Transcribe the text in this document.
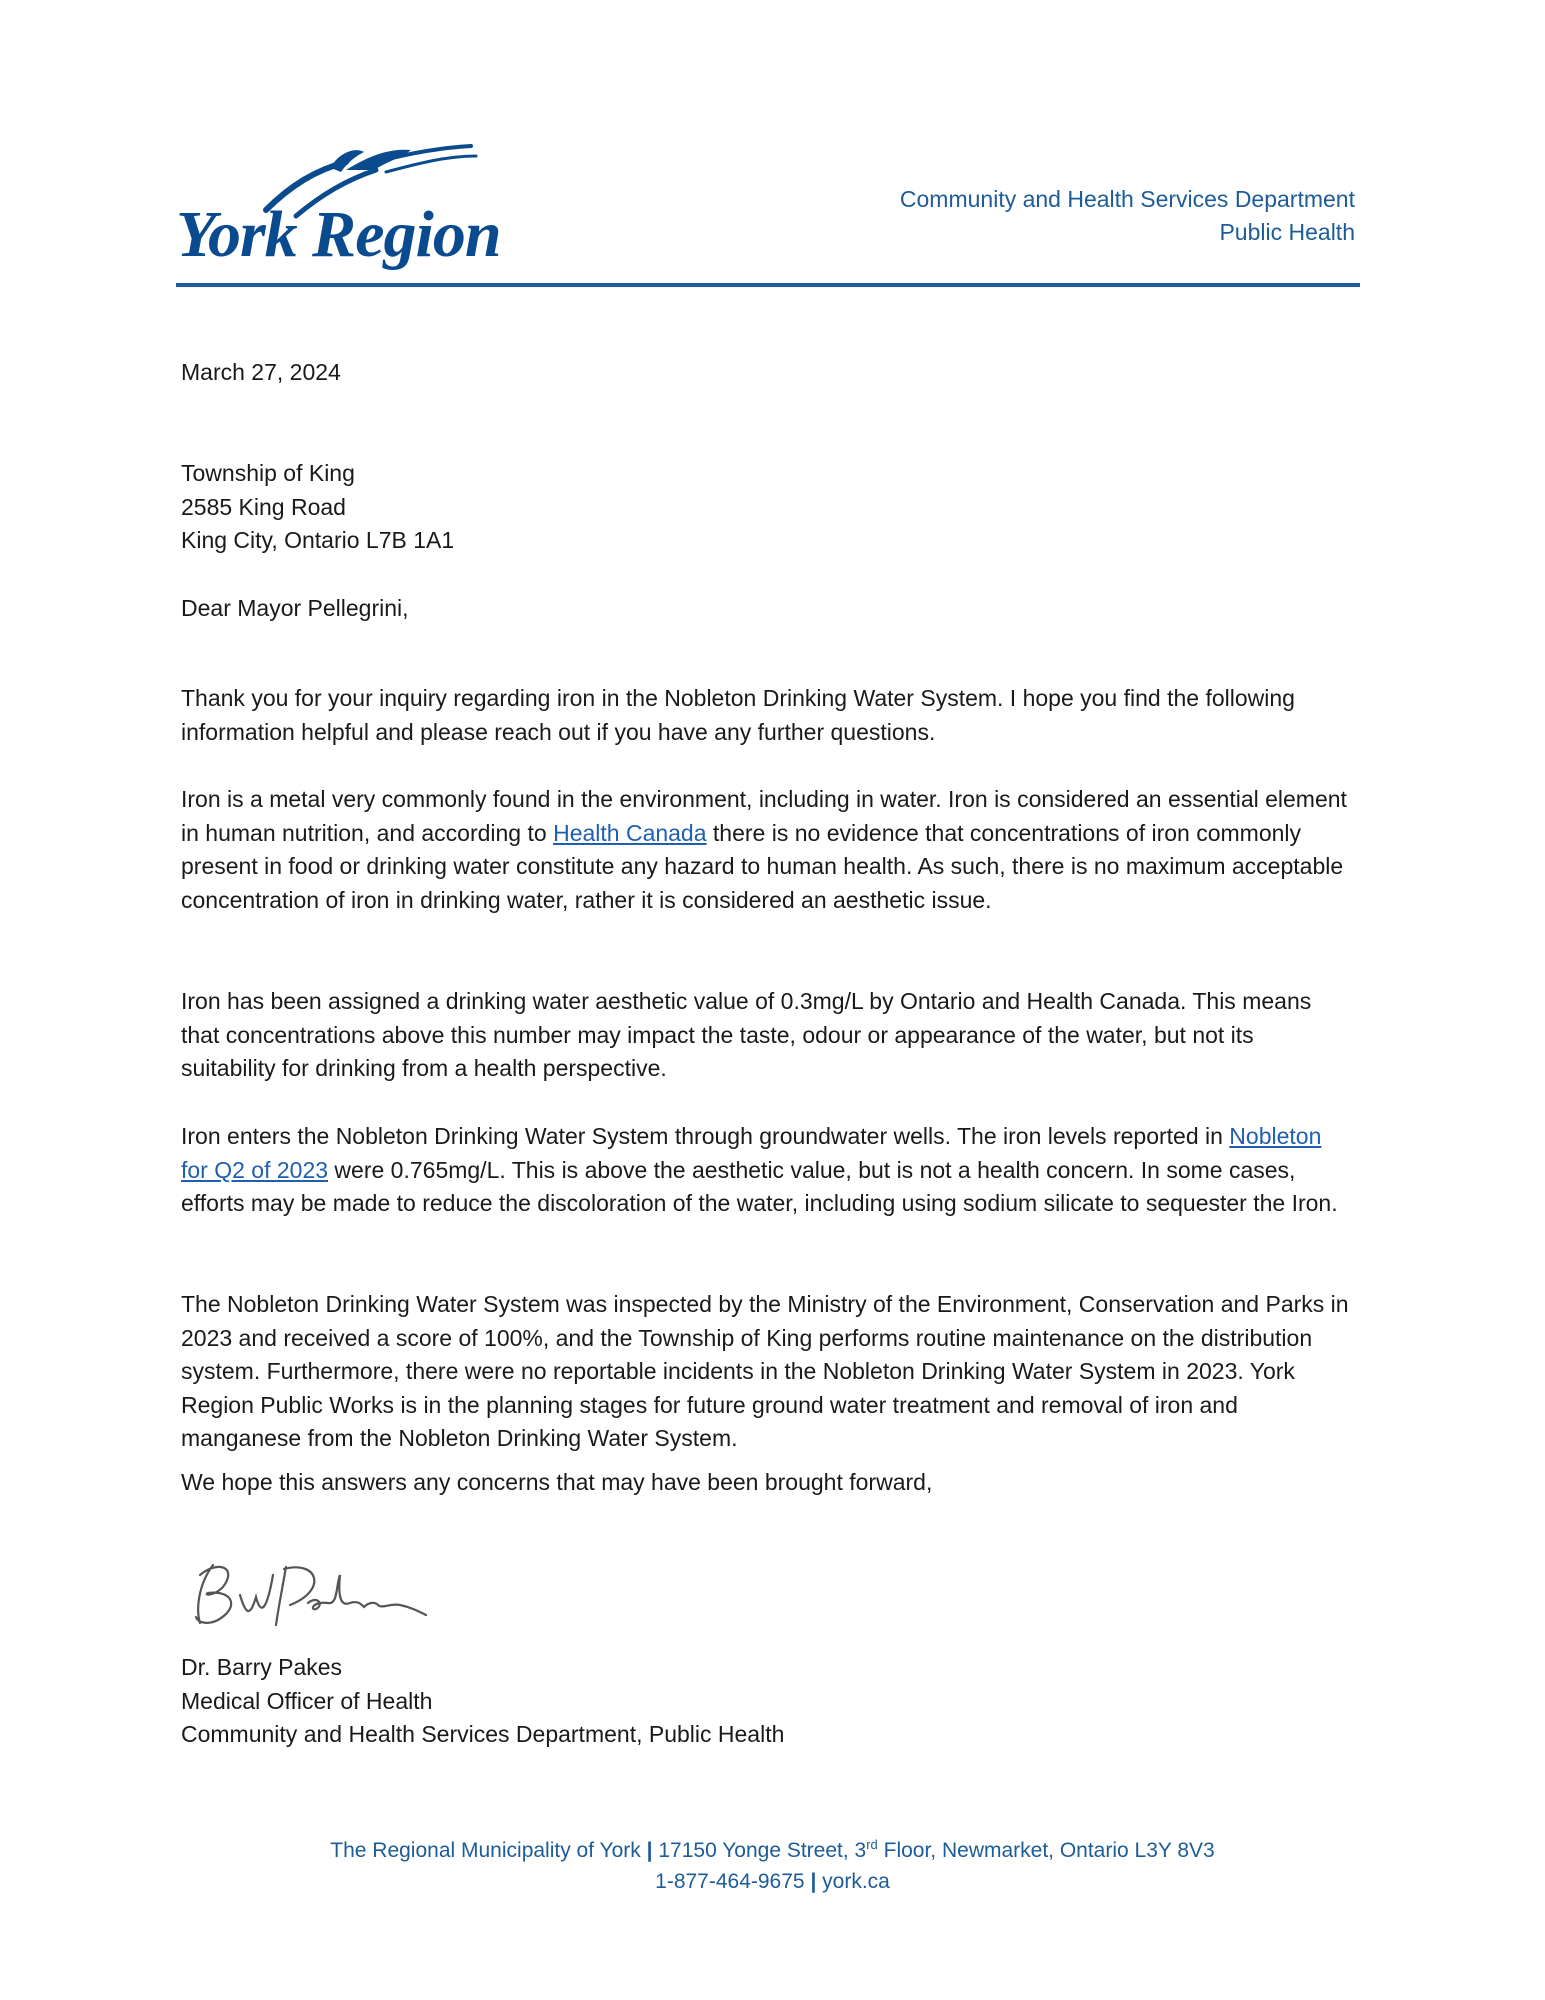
York Region	Community and Health Services Department
Public Health
March 27, 2024
Township of King
2585 King Road
King City, Ontario L7B 1A1
Dear Mayor Pellegrini,

Thank you for your inquiry regarding iron in the Nobleton Drinking Water System. I hope you find the following information helpful and please reach out if you have any further questions.

Iron is a metal very commonly found in the environment, including in water. Iron is considered an essential element in human nutrition, and according to Health Canada there is no evidence that concentrations of iron commonly present in food or drinking water constitute any hazard to human health. As such, there is no maximum acceptable concentration of iron in drinking water, rather it is considered an aesthetic issue.

Iron has been assigned a drinking water aesthetic value of 0.3mg/L by Ontario and Health Canada. This means that concentrations above this number may impact the taste, odour or appearance of the water, but not its suitability for drinking from a health perspective.

Iron enters the Nobleton Drinking Water System through groundwater wells. The iron levels reported in Nobleton for Q2 of 2023 were 0.765mg/L. This is above the aesthetic value, but is not a health concern. In some cases, efforts may be made to reduce the discoloration of the water, including using sodium silicate to sequester the Iron.

The Nobleton Drinking Water System was inspected by the Ministry of the Environment, Conservation and Parks in 2023 and received a score of 100%, and the Township of King performs routine maintenance on the distribution system. Furthermore, there were no reportable incidents in the Nobleton Drinking Water System in 2023. York Region Public Works is in the planning stages for future ground water treatment and removal of iron and manganese from the Nobleton Drinking Water System.

We hope this answers any concerns that may have been brought forward,
Dr. Barry Pakes
Medical Officer of Health
Community and Health Services Department, Public Health
The Regional Municipality of York | 17150 Yonge Street, 3rd Floor, Newmarket, Ontario L3Y 8V3
1-877-464-9675 | york.ca
